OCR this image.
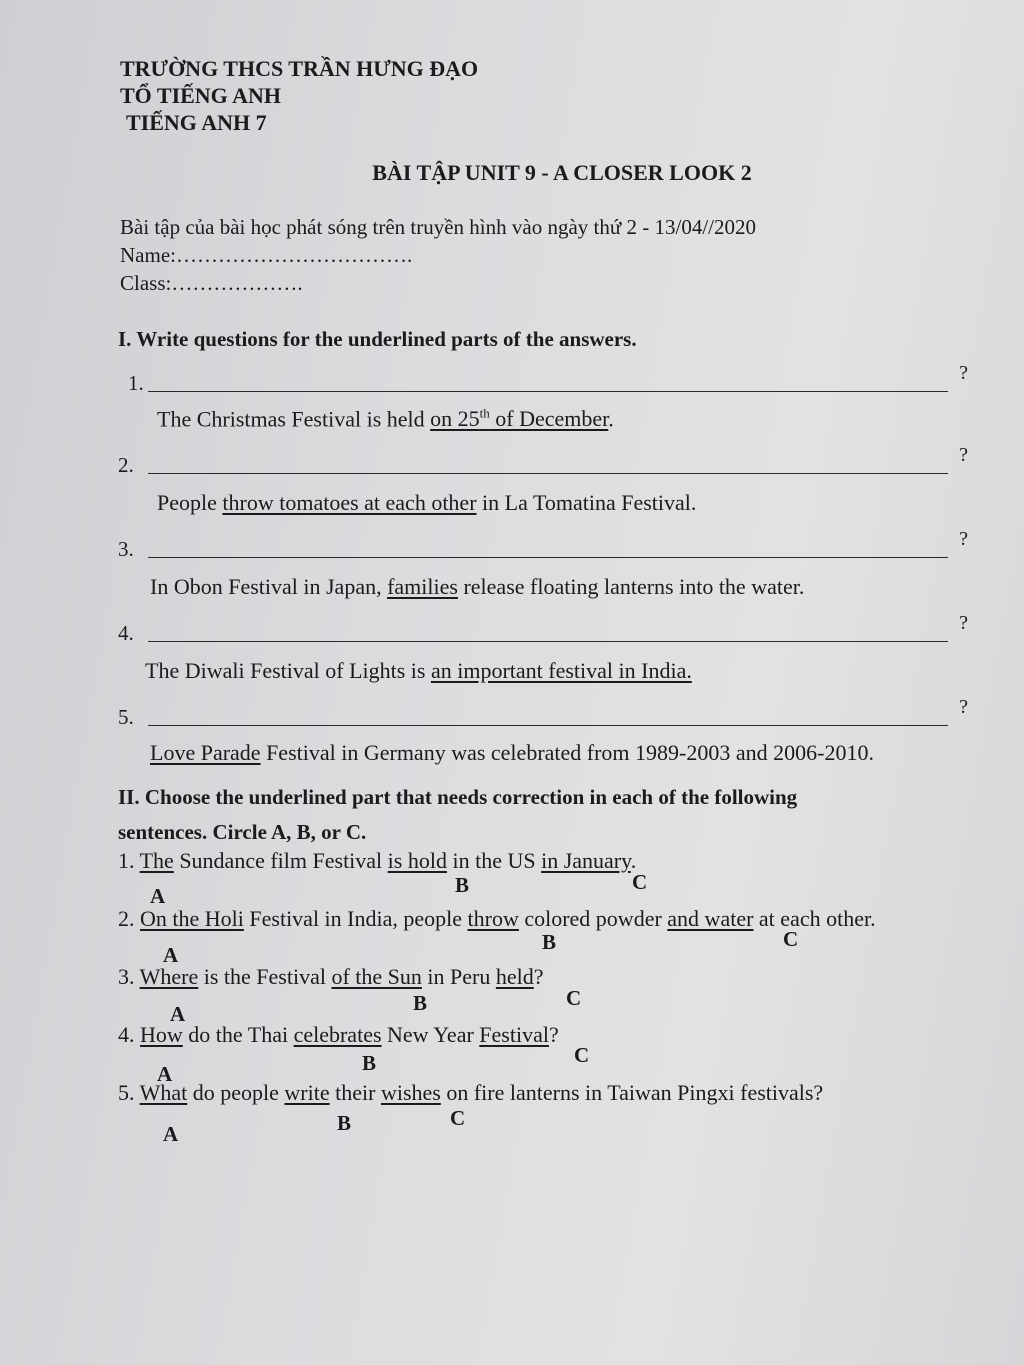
TRƯỜNG THCS TRẦN HƯNG ĐẠO
TỔ TIẾNG ANH
TIẾNG ANH 7
BÀI TẬP UNIT 9 - A CLOSER LOOK 2
Bài tập của bài học phát sóng trên truyền hình vào ngày thứ 2 - 13/04//2020
Name:…………………………….
Class:……………….
I. Write questions for the underlined parts of the answers.
1.	?
The Christmas Festival is held on 25th of December.
2.	?
People throw tomatoes at each other in La Tomatina Festival.
3.	?
In Obon Festival in Japan, families release floating lanterns into the water.
4.	?
The Diwali Festival of Lights is an important festival in India.
5.	?
Love Parade Festival in Germany was celebrated from 1989-2003 and 2006-2010.
II. Choose the underlined part that needs correction in each of the following
sentences. Circle A, B, or C.
1. The Sundance film Festival is hold in the US in January.
A	B	C
2. On the Holi Festival in India, people throw colored powder and water at each other.
A
B	C
3. Where is the Festival of the Sun in Peru held?
A	B	C
4. How do the Thai celebrates New Year Festival?
A	B	C
5. What do people write their wishes on fire lanterns in Taiwan Pingxi festivals?
A	B	C
